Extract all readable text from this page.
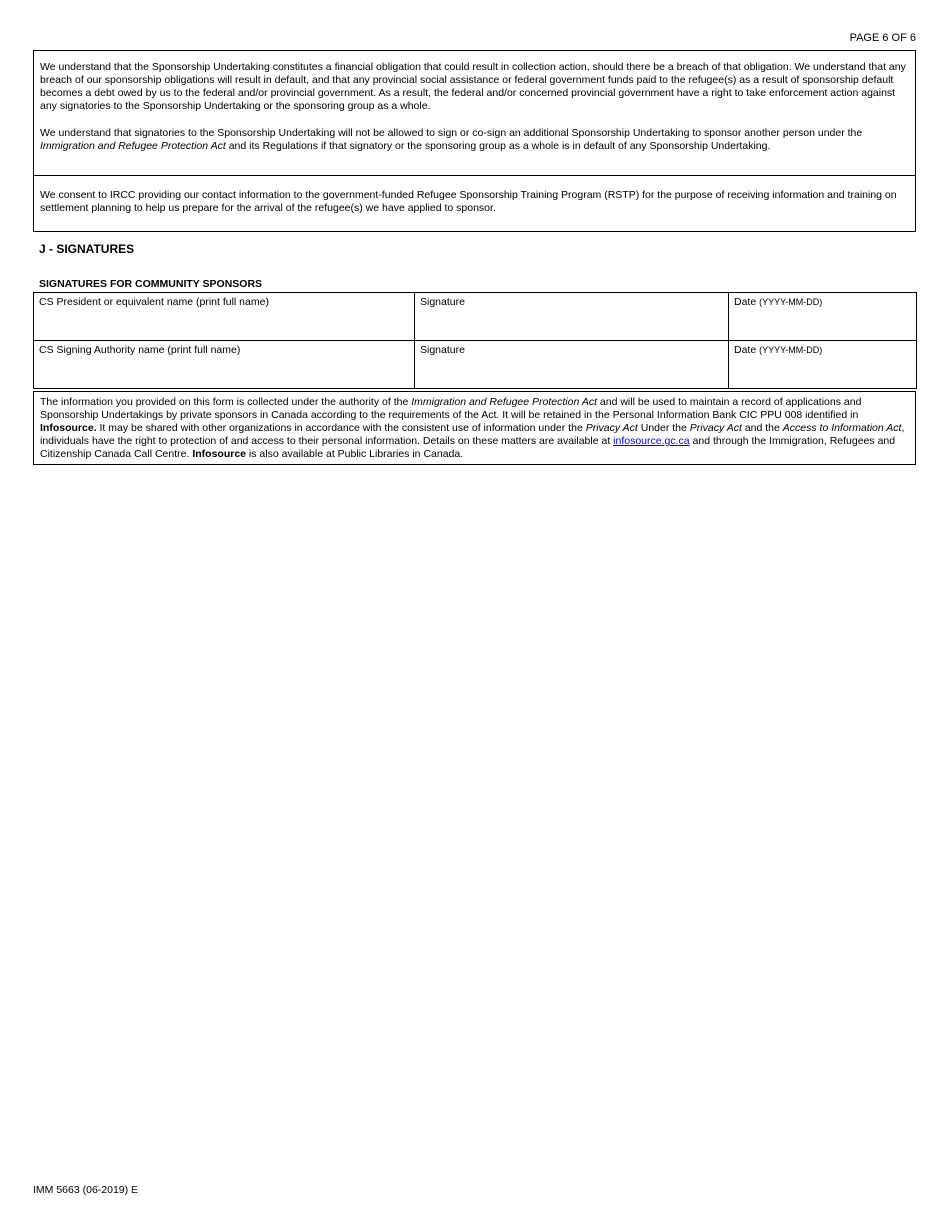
PAGE 6 OF 6

We understand that the Sponsorship Undertaking constitutes a financial obligation that could result in collection action, should there be a breach of that obligation. We understand that any breach of our sponsorship obligations will result in default, and that any provincial social assistance or federal government funds paid to the refugee(s) as a result of sponsorship default becomes a debt owed by us to the federal and/or provincial government. As a result, the federal and/or concerned provincial government have a right to take enforcement action against any signatories to the Sponsorship Undertaking or the sponsoring group as a whole.

We understand that signatories to the Sponsorship Undertaking will not be allowed to sign or co-sign an additional Sponsorship Undertaking to sponsor another person under the Immigration and Refugee Protection Act and its Regulations if that signatory or the sponsoring group as a whole is in default of any Sponsorship Undertaking.

We consent to IRCC providing our contact information to the government-funded Refugee Sponsorship Training Program (RSTP) for the purpose of receiving information and training on settlement planning to help us prepare for the arrival of the refugee(s) we have applied to sponsor.

J - SIGNATURES
SIGNATURES FOR COMMUNITY SPONSORS
CS President or equivalent name (print full name)	Signature	Date (YYYY-MM-DD)
CS Signing Authority name (print full name)	Signature	Date (YYYY-MM-DD)

The information you provided on this form is collected under the authority of the Immigration and Refugee Protection Act and will be used to maintain a record of applications and Sponsorship Undertakings by private sponsors in Canada according to the requirements of the Act. It will be retained in the Personal Information Bank CIC PPU 008 identified in Infosource. It may be shared with other organizations in accordance with the consistent use of information under the Privacy Act Under the Privacy Act and the Access to Information Act, individuals have the right to protection of and access to their personal information. Details on these matters are available at infosource.gc.ca and through the Immigration, Refugees and Citizenship Canada Call Centre. Infosource is also available at Public Libraries in Canada.

IMM 5663 (06-2019) E
